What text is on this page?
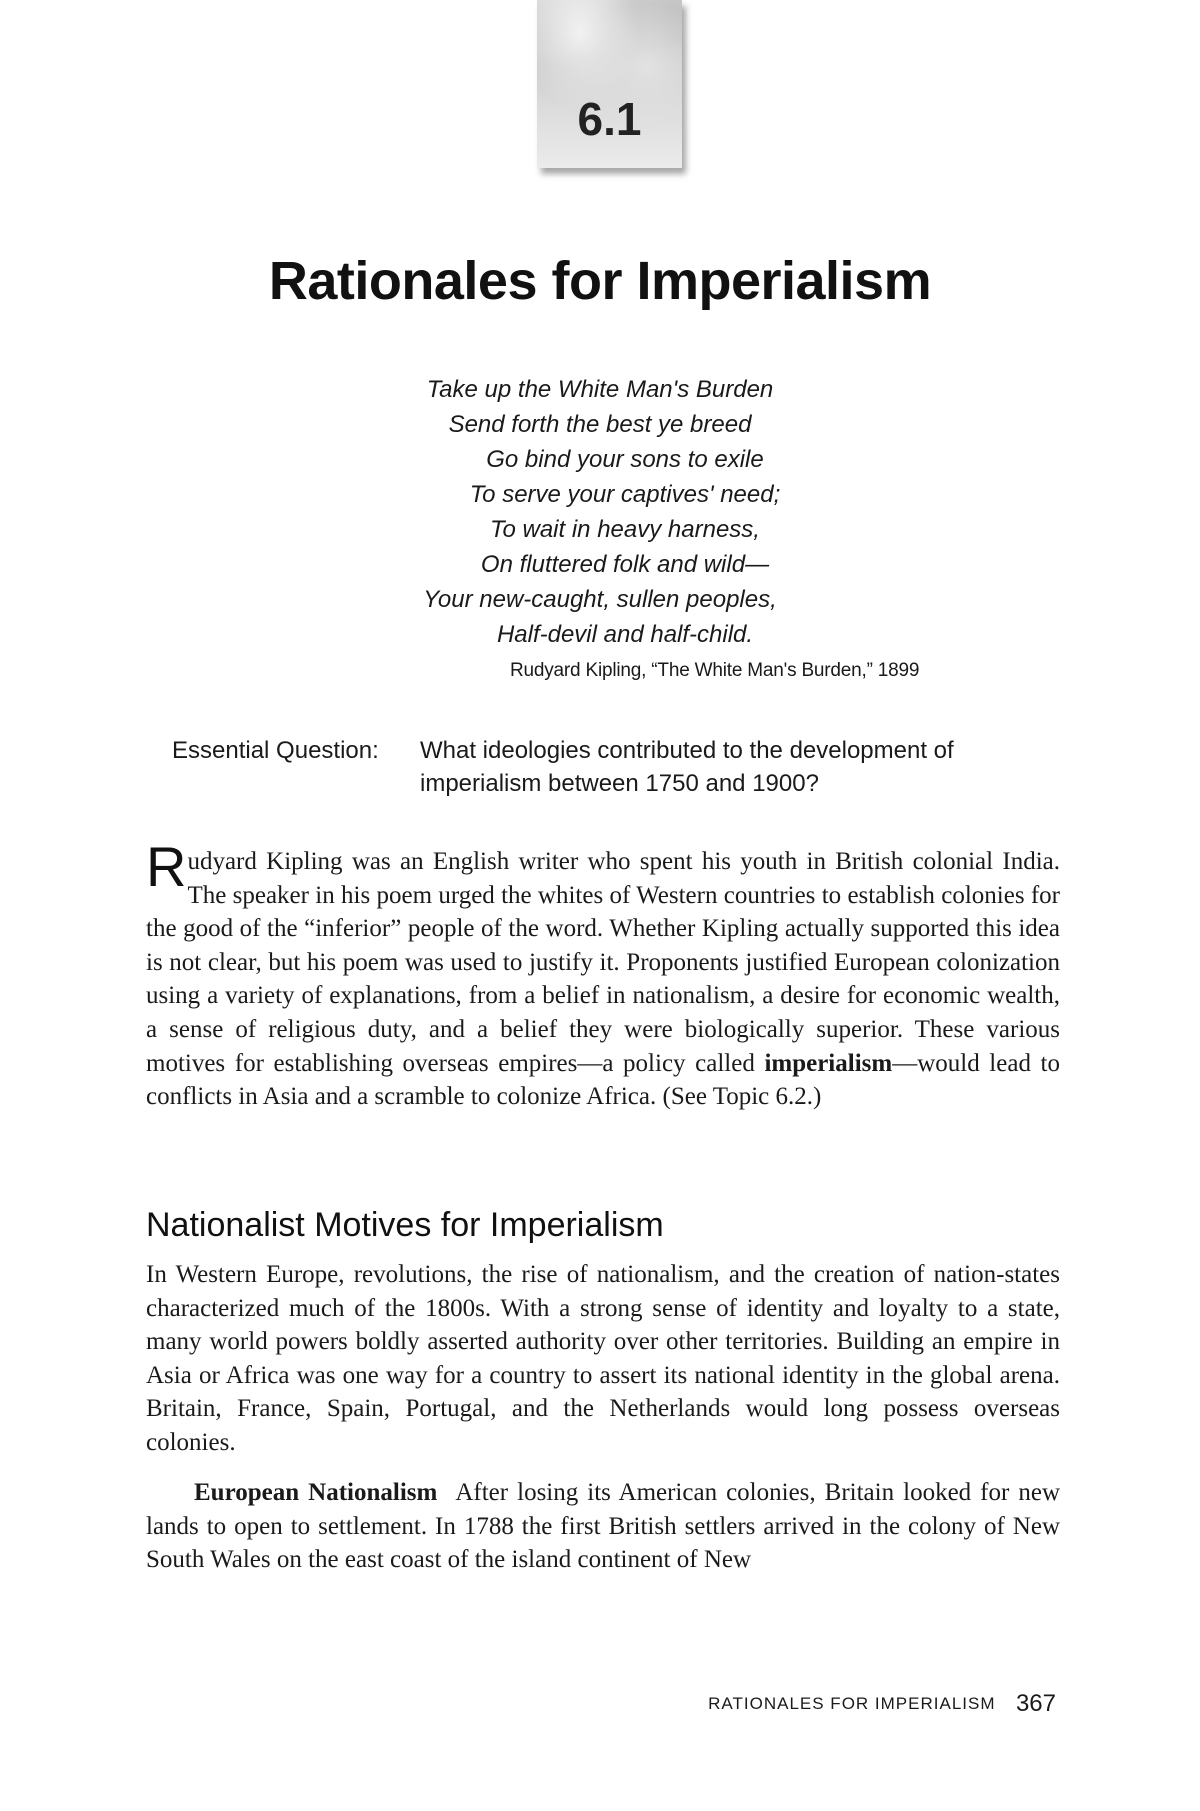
6.1
Rationales for Imperialism
Take up the White Man's Burden
Send forth the best ye breed
Go bind your sons to exile
To serve your captives' need;
To wait in heavy harness,
On fluttered folk and wild—
Your new-caught, sullen peoples,
Half-devil and half-child.
Rudyard Kipling, “The White Man's Burden,” 1899
Essential Question:	What ideologies contributed to the development of imperialism between 1750 and 1900?
Rudyard Kipling was an English writer who spent his youth in British colonial India. The speaker in his poem urged the whites of Western countries to establish colonies for the good of the “inferior” people of the word. Whether Kipling actually supported this idea is not clear, but his poem was used to justify it. Proponents justified European colonization using a variety of explanations, from a belief in nationalism, a desire for economic wealth, a sense of religious duty, and a belief they were biologically superior. These various motives for establishing overseas empires—a policy called imperialism—would lead to conflicts in Asia and a scramble to colonize Africa. (See Topic 6.2.)
Nationalist Motives for Imperialism

In Western Europe, revolutions, the rise of nationalism, and the creation of nation-states characterized much of the 1800s. With a strong sense of identity and loyalty to a state, many world powers boldly asserted authority over other territories. Building an empire in Asia or Africa was one way for a country to assert its national identity in the global arena. Britain, France, Spain, Portugal, and the Netherlands would long possess overseas colonies.

European Nationalism After losing its American colonies, Britain looked for new lands to open to settlement. In 1788 the first British settlers arrived in the colony of New South Wales on the east coast of the island continent of New

RATIONALES FOR IMPERIALISM 367
